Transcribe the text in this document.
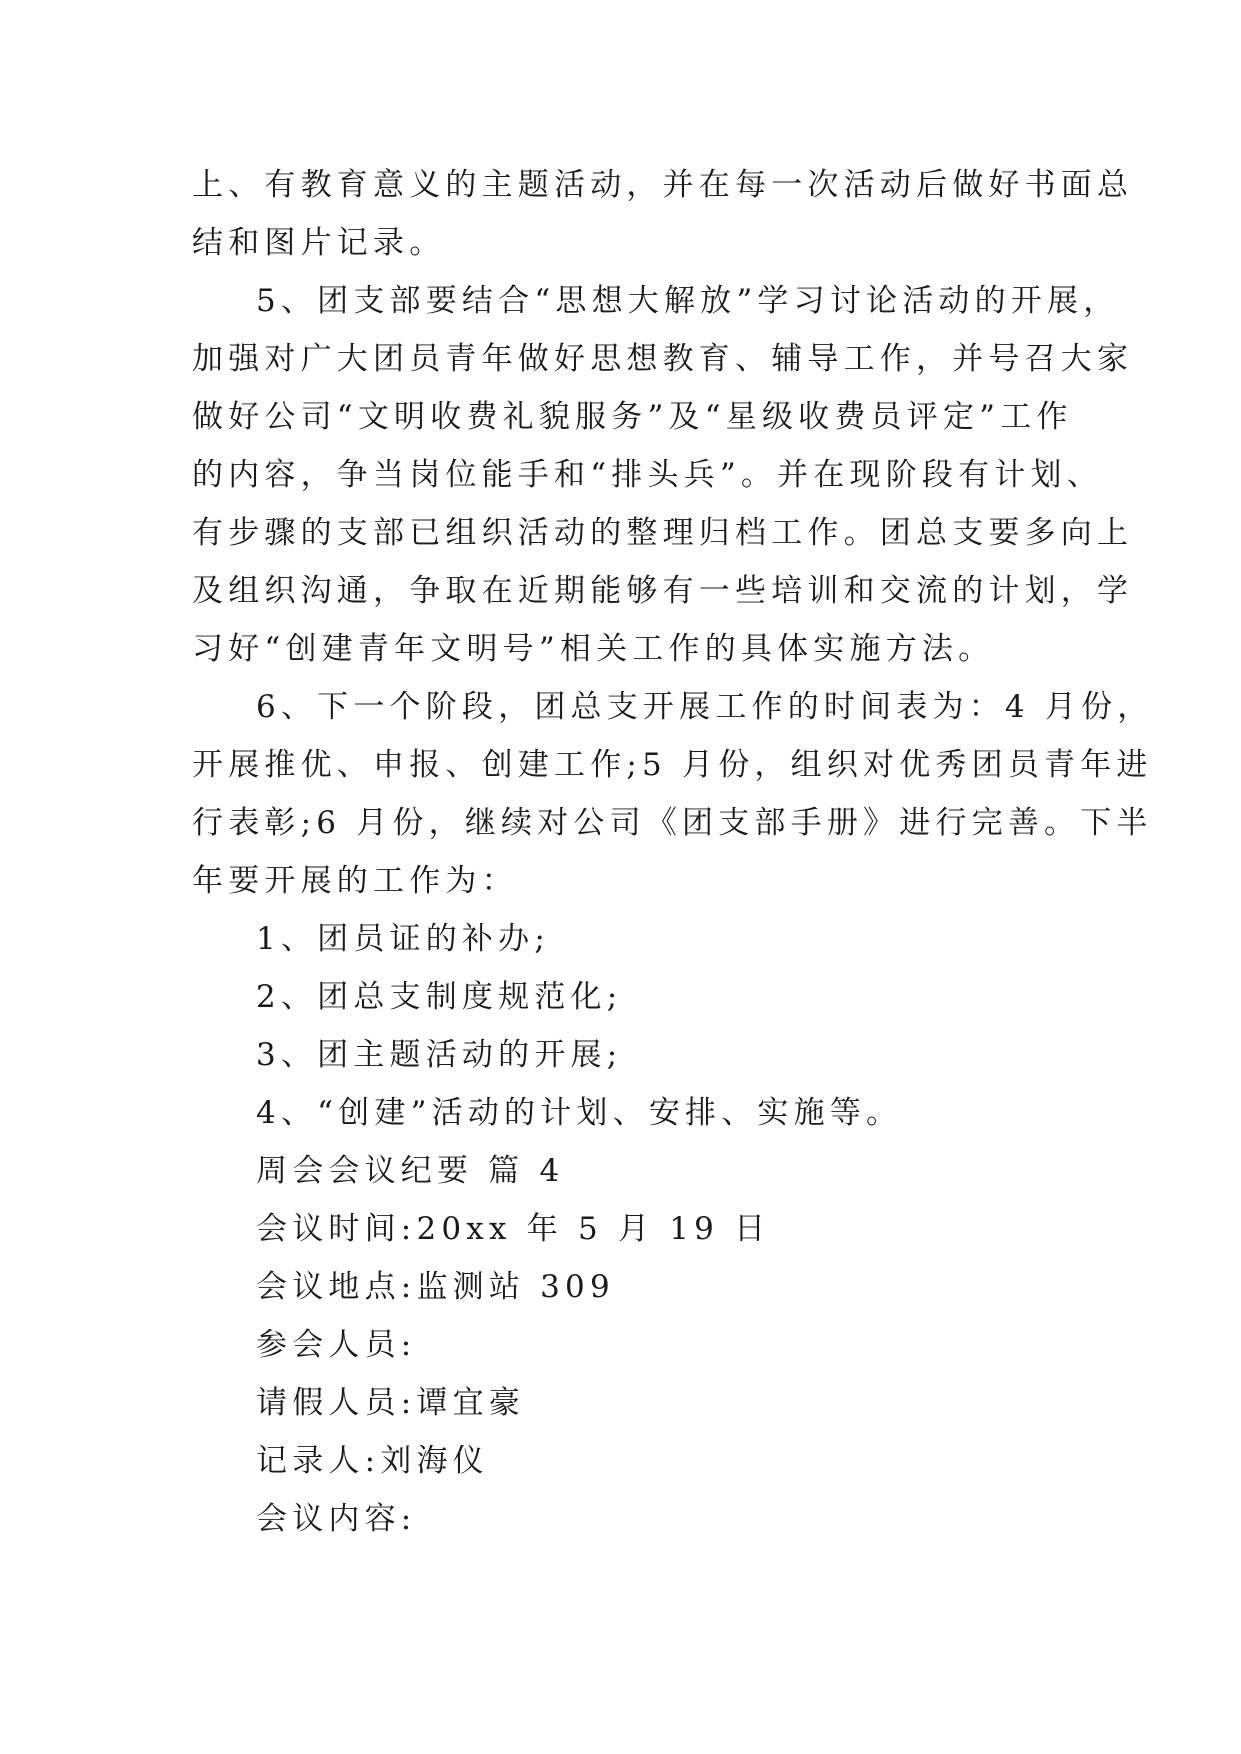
上、有教育意义的主题活动，并在每一次活动后做好书面总
结和图片记录。
5、团支部要结合“思想大解放”学习讨论活动的开展，
加强对广大团员青年做好思想教育、辅导工作，并号召大家
做好公司“文明收费礼貌服务”及“星级收费员评定”工作
的内容，争当岗位能手和“排头兵”。并在现阶段有计划、
有步骤的支部已组织活动的整理归档工作。团总支要多向上
及组织沟通，争取在近期能够有一些培训和交流的计划，学
习好“创建青年文明号”相关工作的具体实施方法。
6、下一个阶段，团总支开展工作的时间表为：4 月份，
开展推优、申报、创建工作;5 月份，组织对优秀团员青年进
行表彰;6 月份，继续对公司《团支部手册》进行完善。下半
年要开展的工作为：
1、团员证的补办;
2、团总支制度规范化;
3、团主题活动的开展;
4、“创建”活动的计划、安排、实施等。
周会会议纪要 篇 4
会议时间:20xx 年 5 月 19 日
会议地点:监测站 309
参会人员:
请假人员:谭宜豪
记录人:刘海仪
会议内容:
